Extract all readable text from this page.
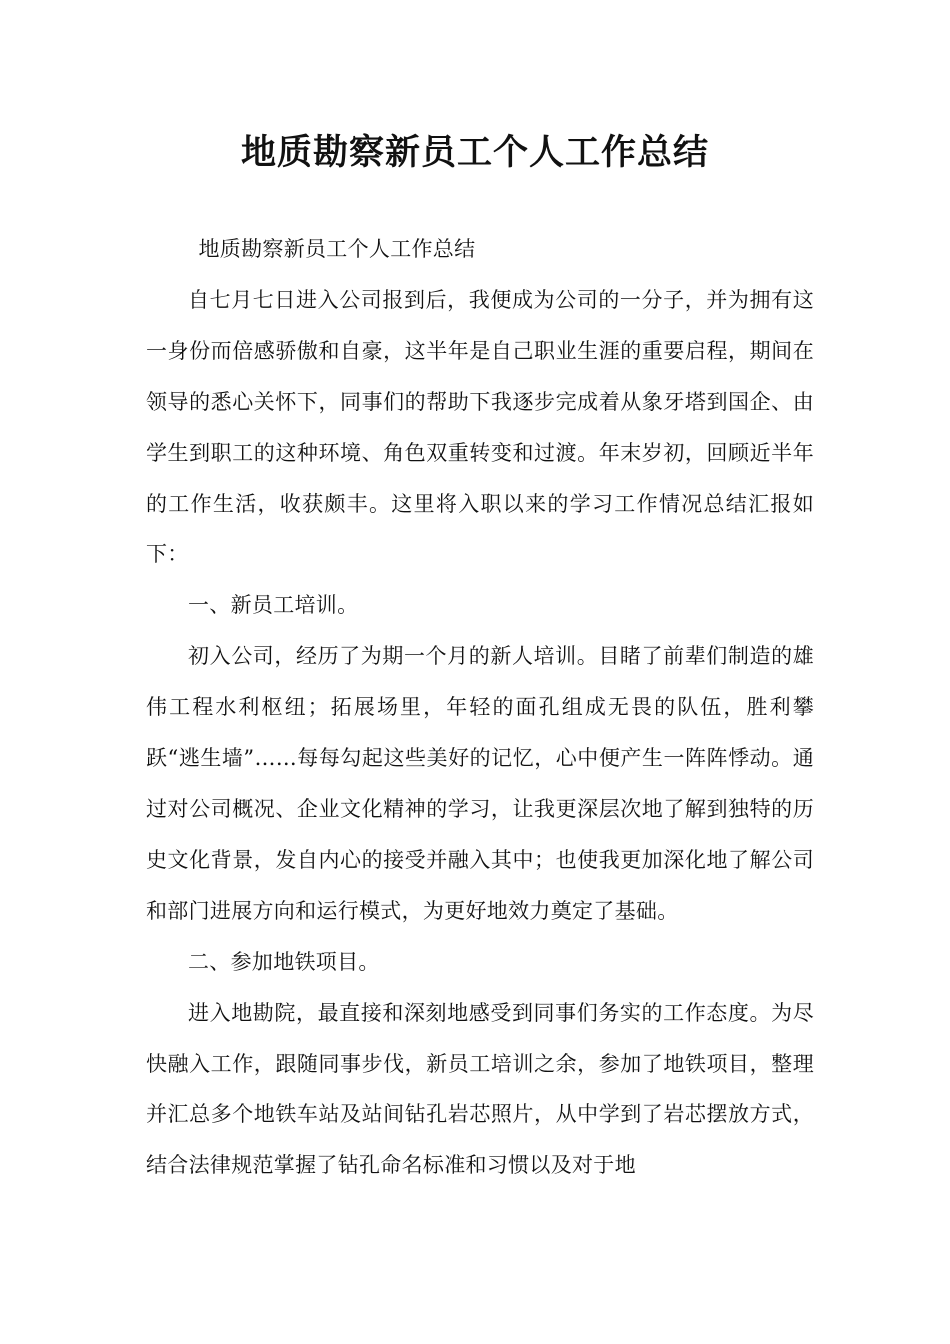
地质勘察新员工个人工作总结

地质勘察新员工个人工作总结

自七月七日进入公司报到后，我便成为公司的一分子，并为拥有这一身份而倍感骄傲和自豪，这半年是自己职业生涯的重要启程，期间在领导的悉心关怀下，同事们的帮助下我逐步完成着从象牙塔到国企、由学生到职工的这种环境、角色双重转变和过渡。年末岁初，回顾近半年的工作生活，收获颇丰。这里将入职以来的学习工作情况总结汇报如下：

一、新员工培训。

初入公司，经历了为期一个月的新人培训。目睹了前辈们制造的雄伟工程水利枢纽；拓展场里，年轻的面孔组成无畏的队伍，胜利攀跃“逃生墙”……每每勾起这些美好的记忆，心中便产生一阵阵悸动。通过对公司概况、企业文化精神的学习，让我更深层次地了解到独特的历史文化背景，发自内心的接受并融入其中；也使我更加深化地了解公司和部门进展方向和运行模式，为更好地效力奠定了基础。

二、参加地铁项目。

进入地勘院，最直接和深刻地感受到同事们务实的工作态度。为尽快融入工作，跟随同事步伐，新员工培训之余，参加了地铁项目，整理并汇总多个地铁车站及站间钻孔岩芯照片，从中学到了岩芯摆放方式，结合法律规范掌握了钻孔命名标准和习惯以及对于地
